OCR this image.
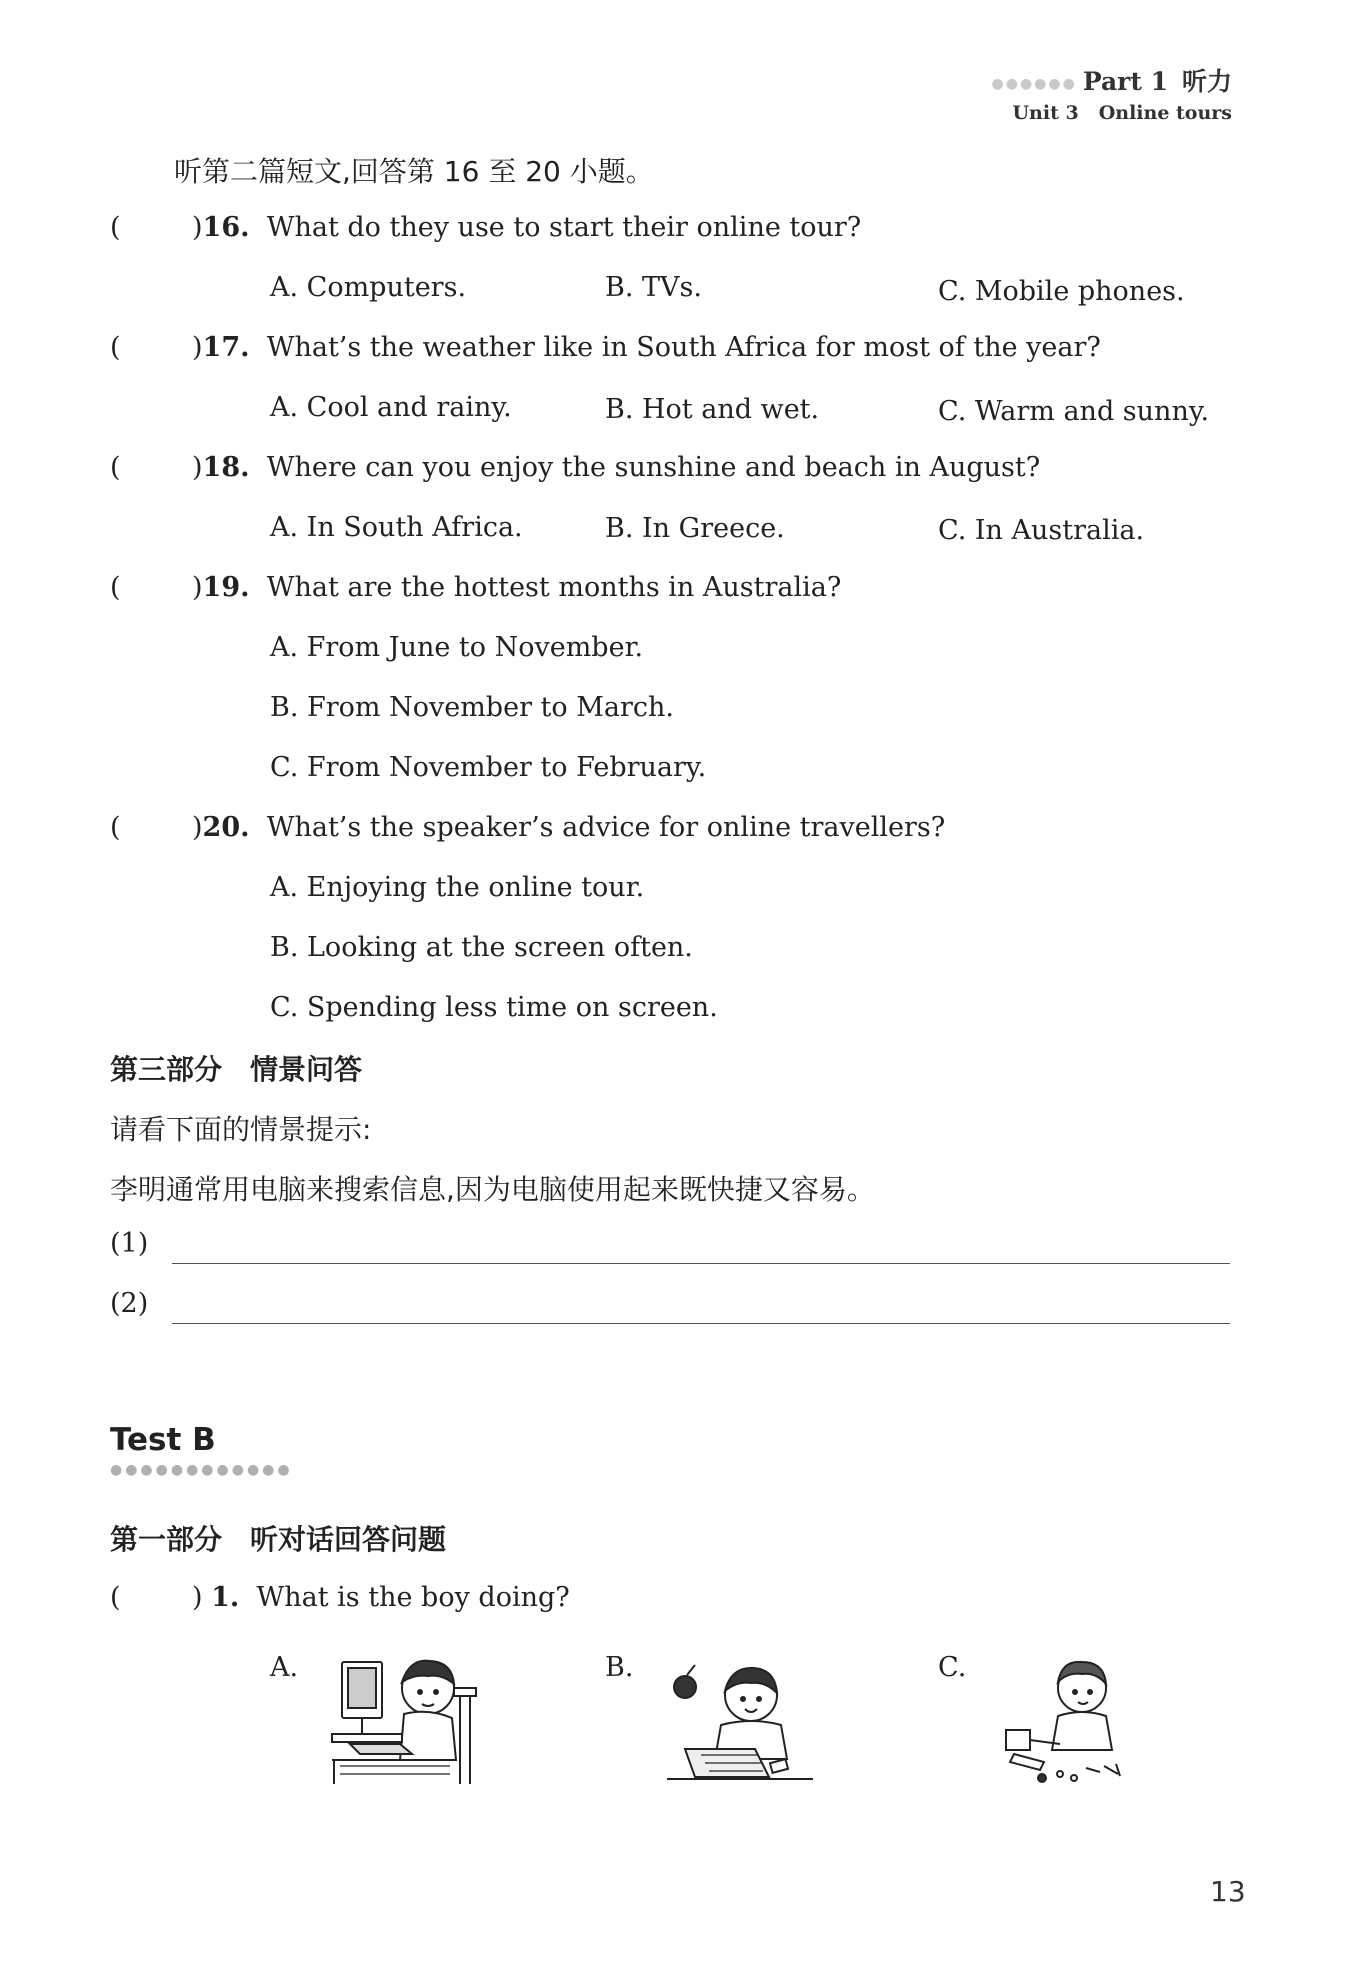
●●●●●● Part 1 听力
Unit 3 Online tours
听第二篇短文,回答第 16 至 20 小题。
(	)16. What do they use to start their online tour?
A. Computers.	B. TVs.	C. Mobile phones.
(	)17. What’s the weather like in South Africa for most of the year?
A. Cool and rainy.	B. Hot and wet.	C. Warm and sunny.
(	)18. Where can you enjoy the sunshine and beach in August?
A. In South Africa.	B. In Greece.	C. In Australia.
(	)19. What are the hottest months in Australia?
A. From June to November.
B. From November to March.
C. From November to February.
(	)20. What’s the speaker’s advice for online travellers?
A. Enjoying the online tour.
B. Looking at the screen often.
C. Spending less time on screen.
第三部分 情景问答
请看下面的情景提示:
李明通常用电脑来搜索信息,因为电脑使用起来既快捷又容易。
(1)
(2)
Test B
●●●●●●●●●●●●
第一部分 听对话回答问题
(	) 1. What is the boy doing?
A.	B.	C.
13
